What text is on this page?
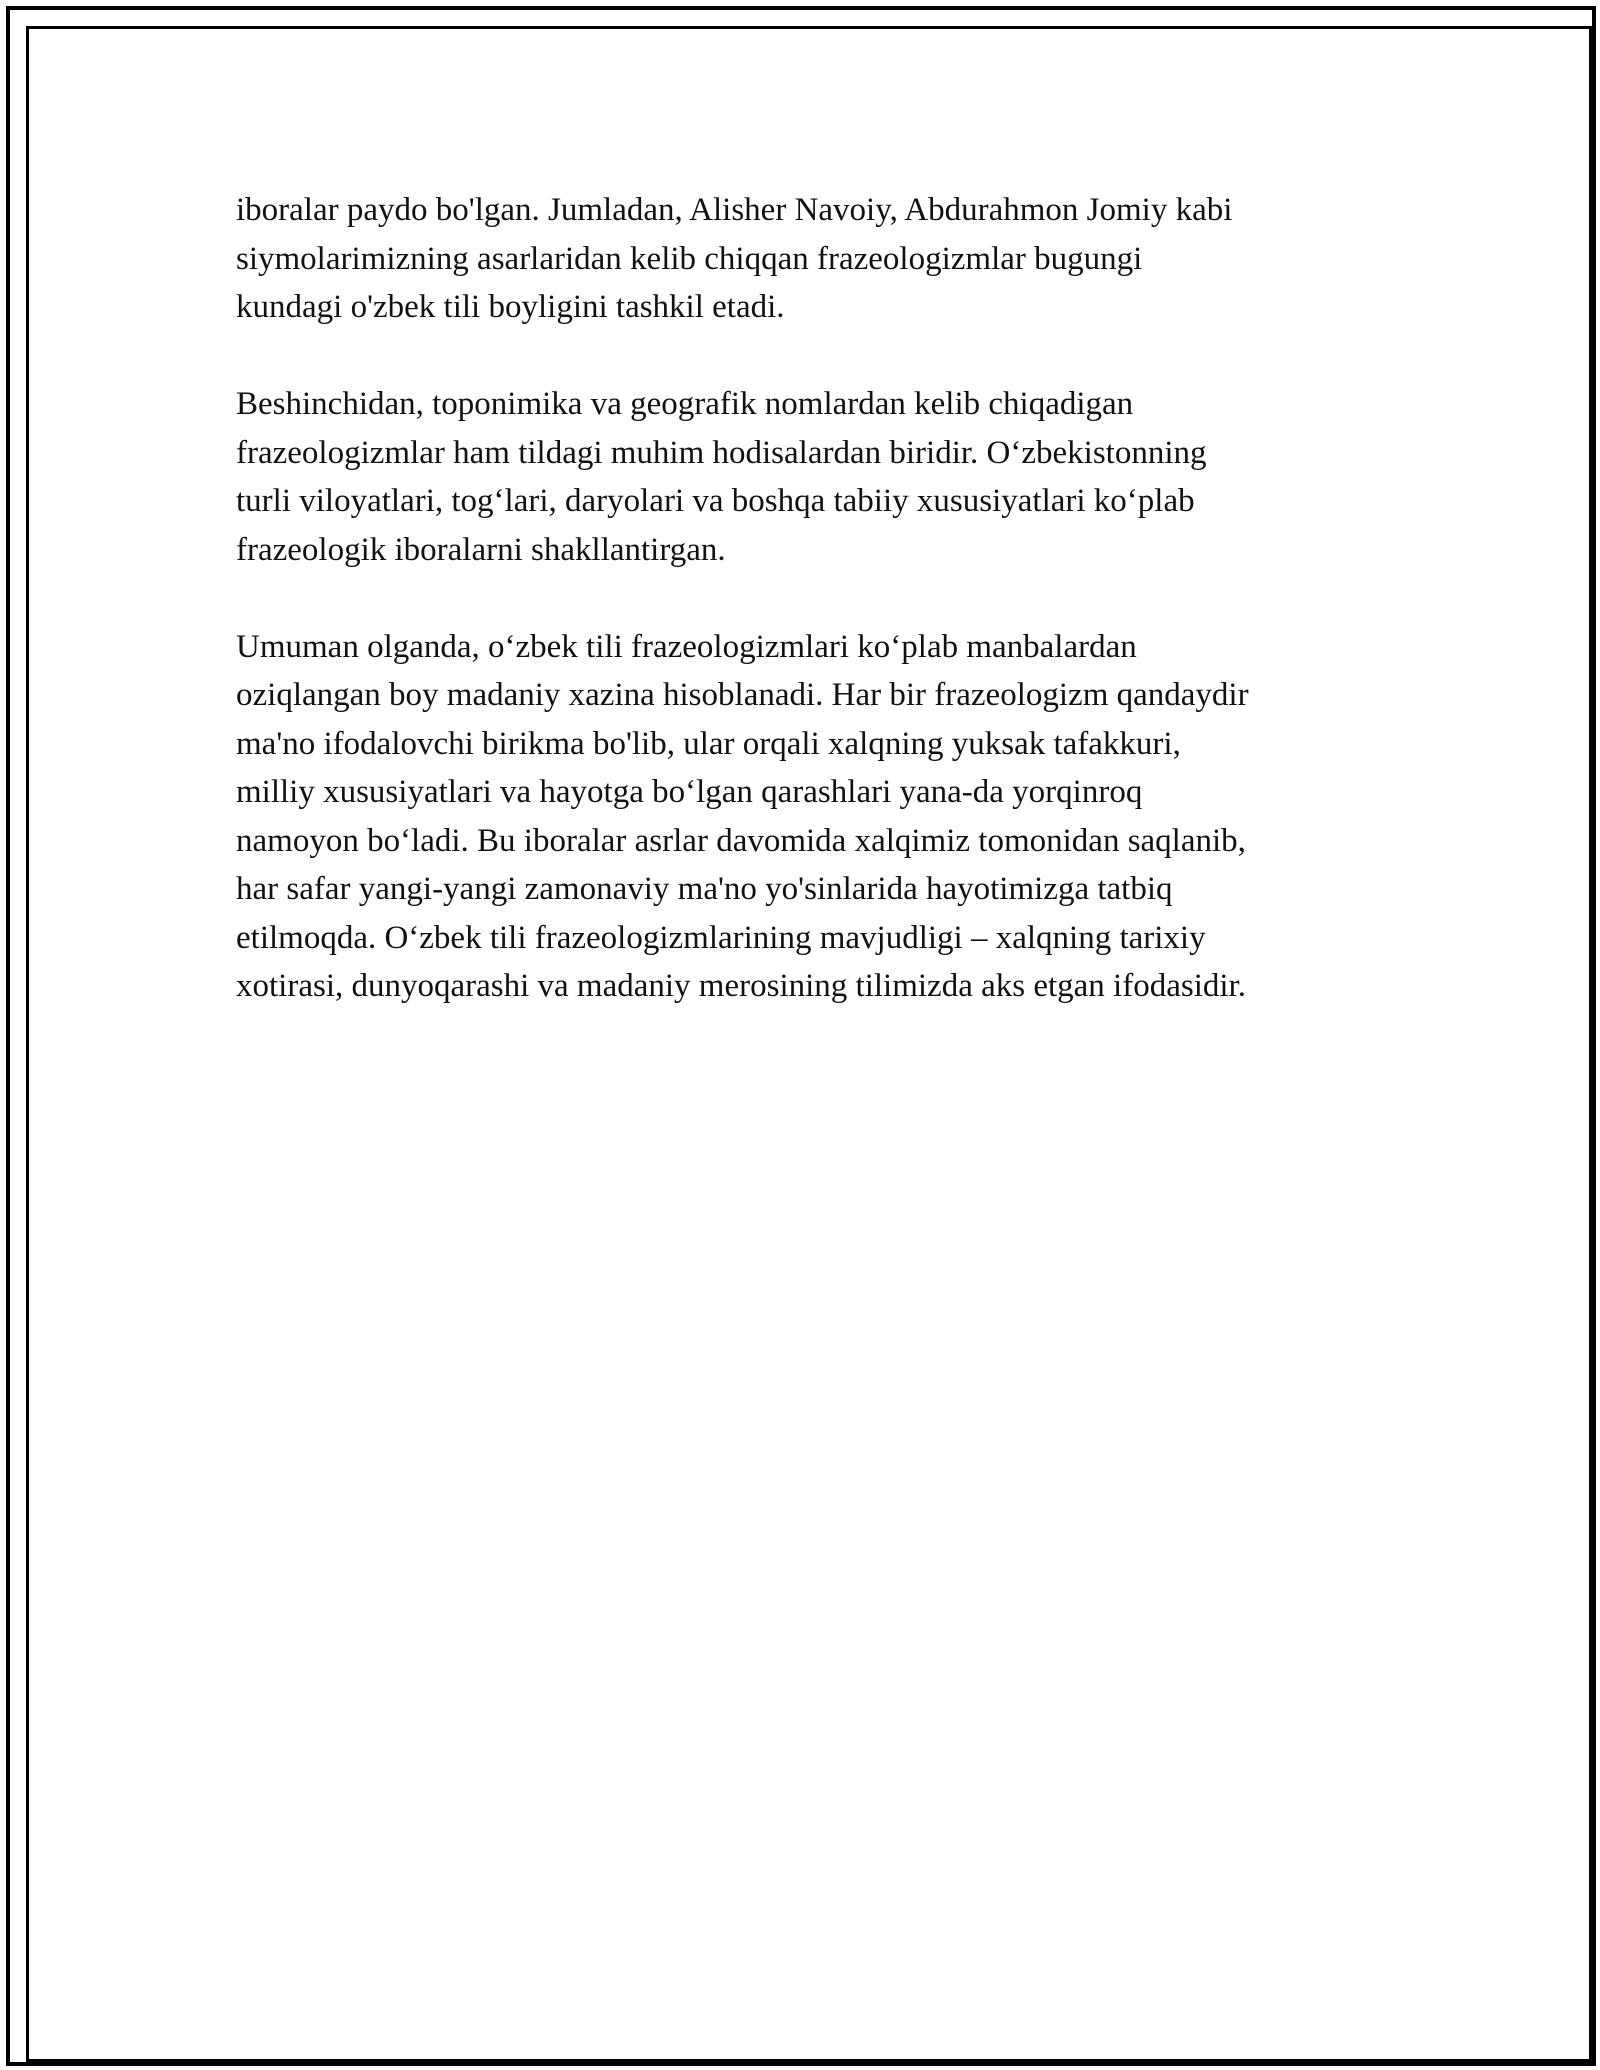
iboralar paydo bo'lgan. Jumladan, Alisher Navoiy, Abdurahmon Jomiy kabi
siymolarimizning asarlaridan kelib chiqqan frazeologizmlar bugungi
kundagi o'zbek tili boyligini tashkil etadi.

Beshinchidan, toponimika va geografik nomlardan kelib chiqadigan
frazeologizmlar ham tildagi muhim hodisalardan biridir. O‘zbekistonning
turli viloyatlari, tog‘lari, daryolari va boshqa tabiiy xususiyatlari ko‘plab
frazeologik iboralarni shakllantirgan.

Umuman olganda, o‘zbek tili frazeologizmlari ko‘plab manbalardan
oziqlangan boy madaniy xazina hisoblanadi. Har bir frazeologizm qandaydir
ma'no ifodalovchi birikma bo'lib, ular orqali xalqning yuksak tafakkuri,
milliy xususiyatlari va hayotga bo‘lgan qarashlari yana-da yorqinroq
namoyon bo‘ladi. Bu iboralar asrlar davomida xalqimiz tomonidan saqlanib,
har safar yangi-yangi zamonaviy ma'no yo'sinlarida hayotimizga tatbiq
etilmoqda. O‘zbek tili frazeologizmlarining mavjudligi – xalqning tarixiy
xotirasi, dunyoqarashi va madaniy merosining tilimizda aks etgan ifodasidir.
